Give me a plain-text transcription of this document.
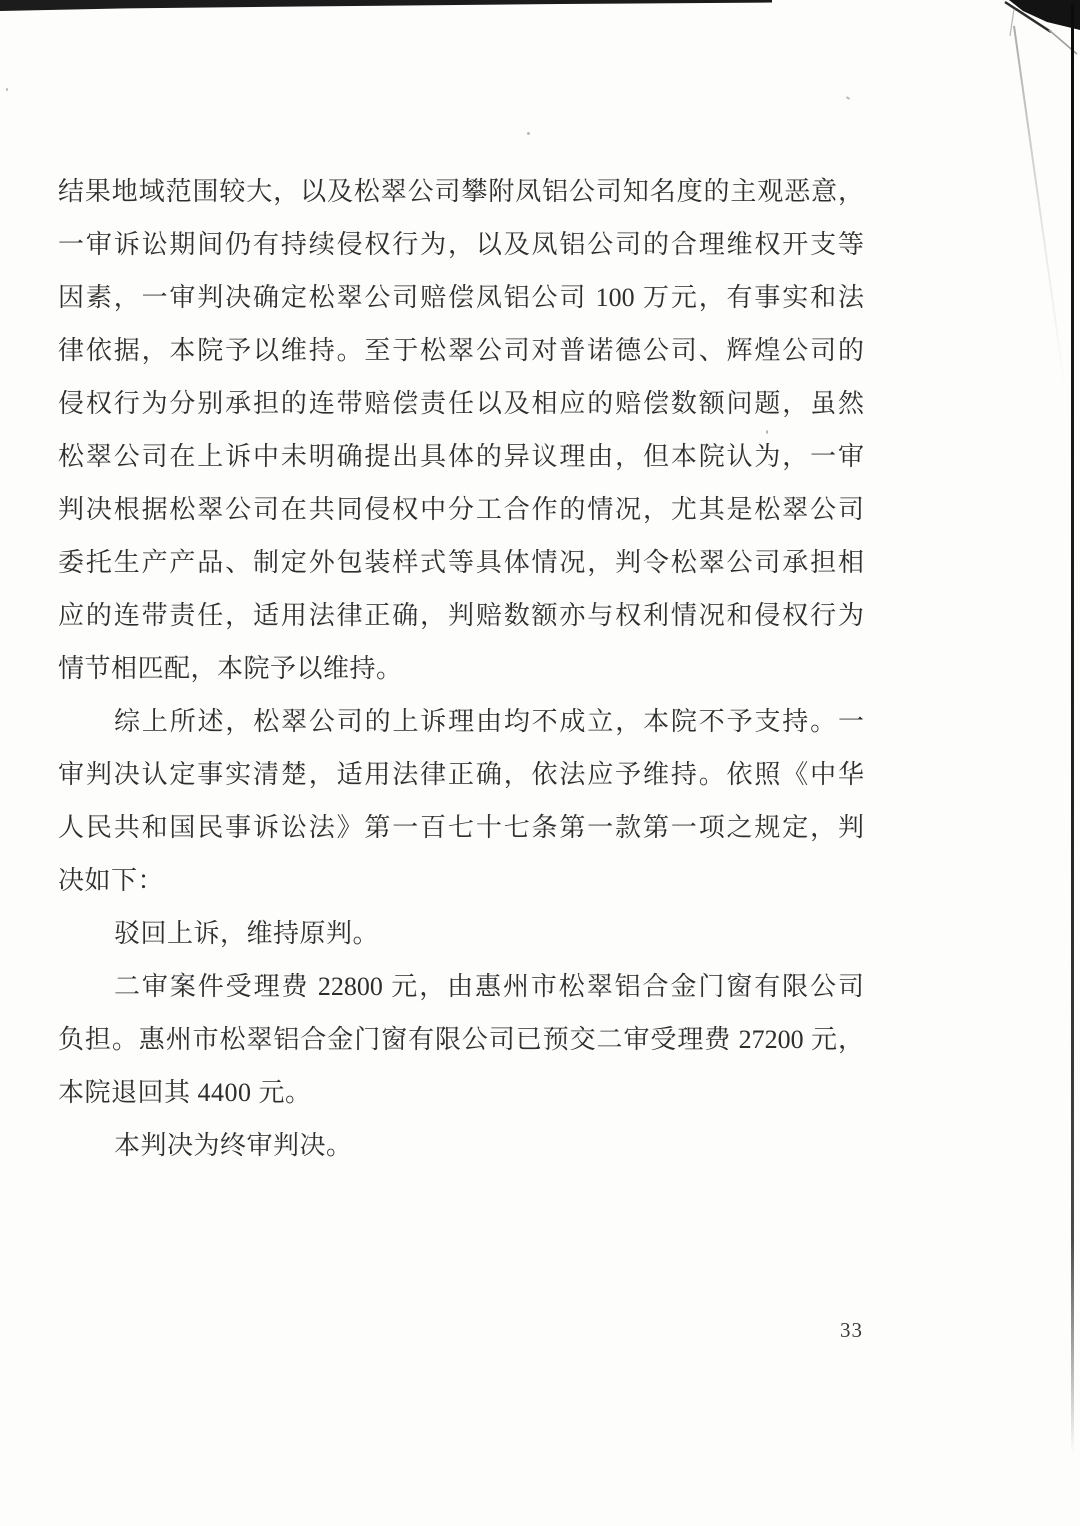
结果地域范围较大，以及松翠公司攀附凤铝公司知名度的主观恶意，
一审诉讼期间仍有持续侵权行为，以及凤铝公司的合理维权开支等
因素，一审判决确定松翠公司赔偿凤铝公司 100 万元，有事实和法
律依据，本院予以维持。至于松翠公司对普诺德公司、辉煌公司的
侵权行为分别承担的连带赔偿责任以及相应的赔偿数额问题，虽然
松翠公司在上诉中未明确提出具体的异议理由，但本院认为，一审
判决根据松翠公司在共同侵权中分工合作的情况，尤其是松翠公司
委托生产产品、制定外包装样式等具体情况，判令松翠公司承担相
应的连带责任，适用法律正确，判赔数额亦与权利情况和侵权行为
情节相匹配，本院予以维持。
综上所述，松翠公司的上诉理由均不成立，本院不予支持。一
审判决认定事实清楚，适用法律正确，依法应予维持。依照《中华
人民共和国民事诉讼法》第一百七十七条第一款第一项之规定，判
决如下：
驳回上诉，维持原判。
二审案件受理费 22800 元，由惠州市松翠铝合金门窗有限公司
负担。惠州市松翠铝合金门窗有限公司已预交二审受理费 27200 元，
本院退回其 4400 元。
本判决为终审判决。
33
